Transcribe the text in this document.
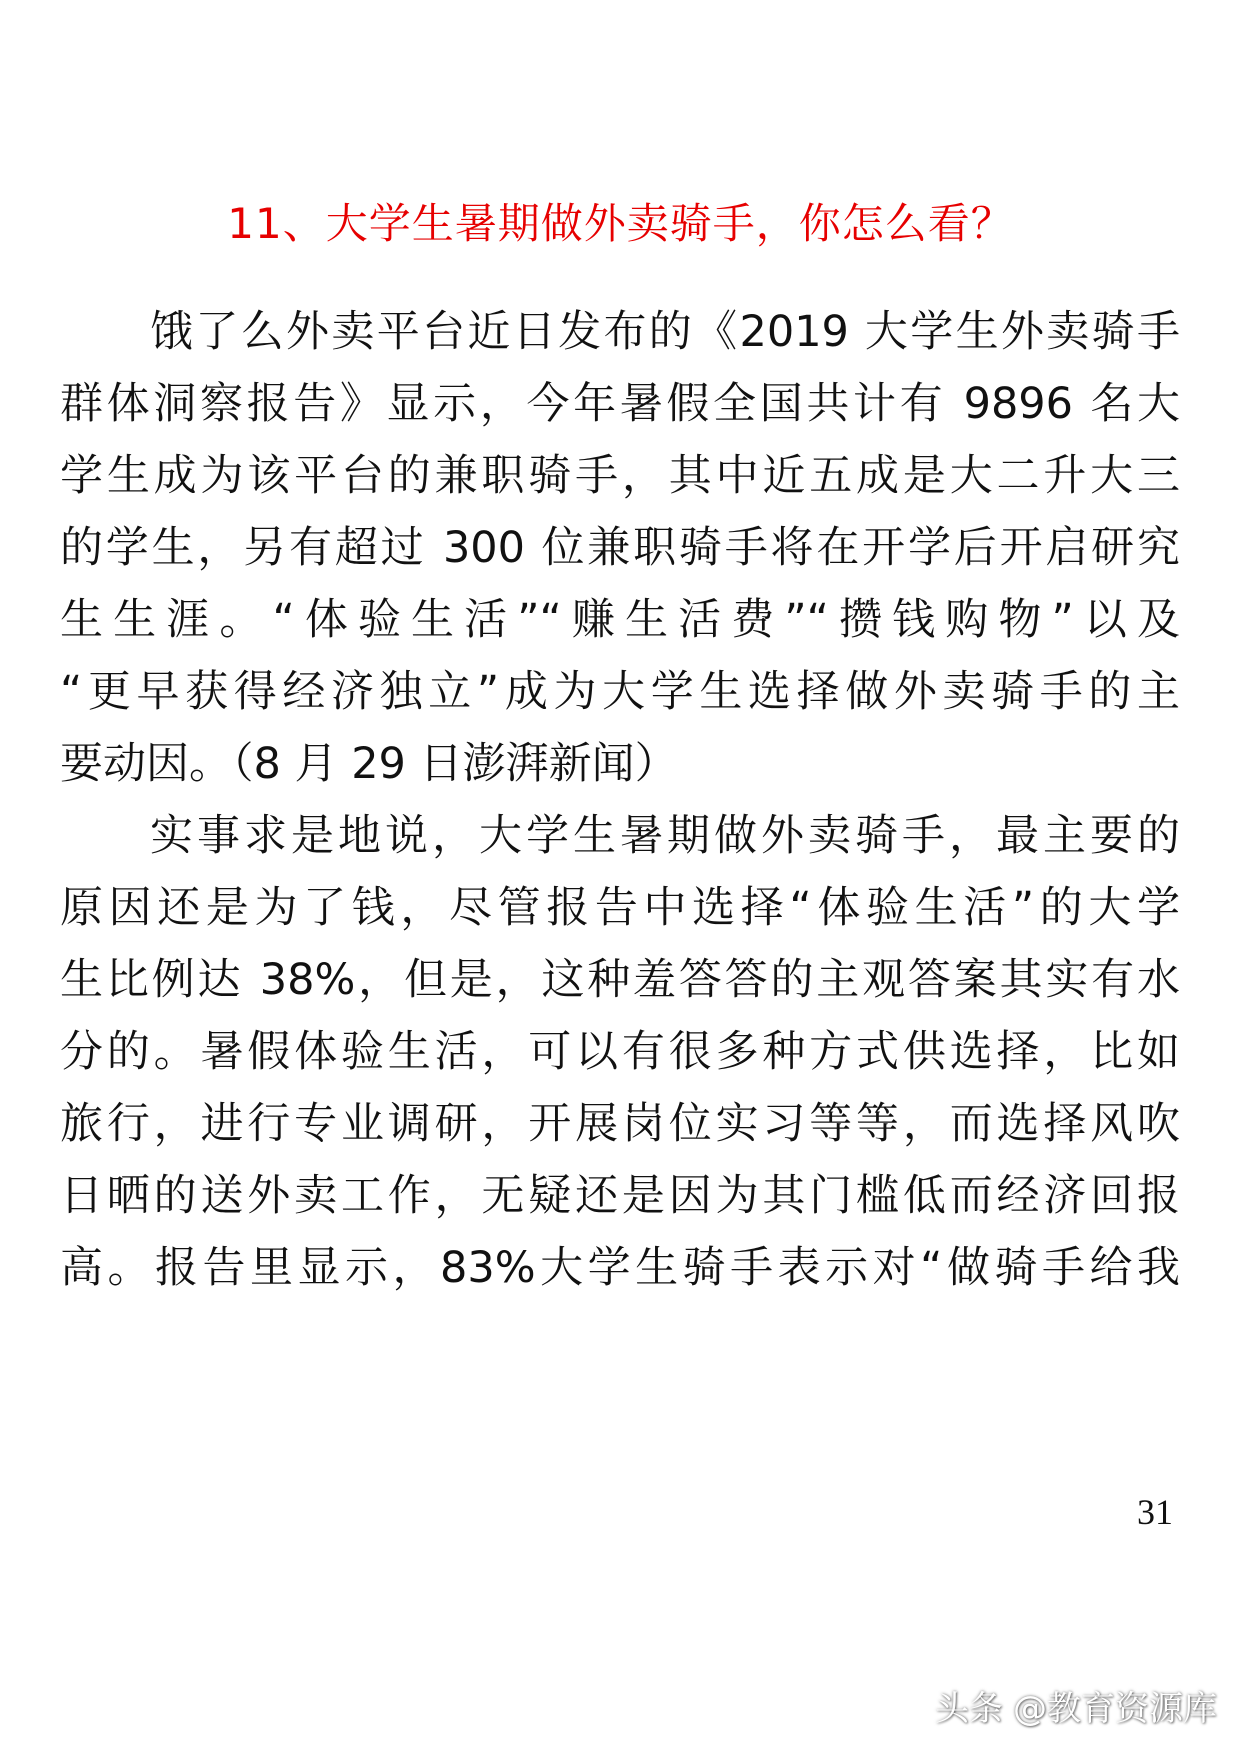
11、大学生暑期做外卖骑手，你怎么看？
饿了么外卖平台近日发布的《2019 大学生外卖骑手
群体洞察报告》显示，今年暑假全国共计有 9896 名大
学生成为该平台的兼职骑手，其中近五成是大二升大三
的学生，另有超过 300 位兼职骑手将在开学后开启研究
生生涯。“体验生活”“赚生活费”“攒钱购物”以及
“更早获得经济独立”成为大学生选择做外卖骑手的主
要动因。（8 月 29 日澎湃新闻）
实事求是地说，大学生暑期做外卖骑手，最主要的
原因还是为了钱，尽管报告中选择“体验生活”的大学
生比例达 38%，但是，这种羞答答的主观答案其实有水
分的。暑假体验生活，可以有很多种方式供选择，比如
旅行，进行专业调研，开展岗位实习等等，而选择风吹
日晒的送外卖工作，无疑还是因为其门槛低而经济回报
高。报告里显示，83%大学生骑手表示对“做骑手给我
31
头条 @教育资源库
